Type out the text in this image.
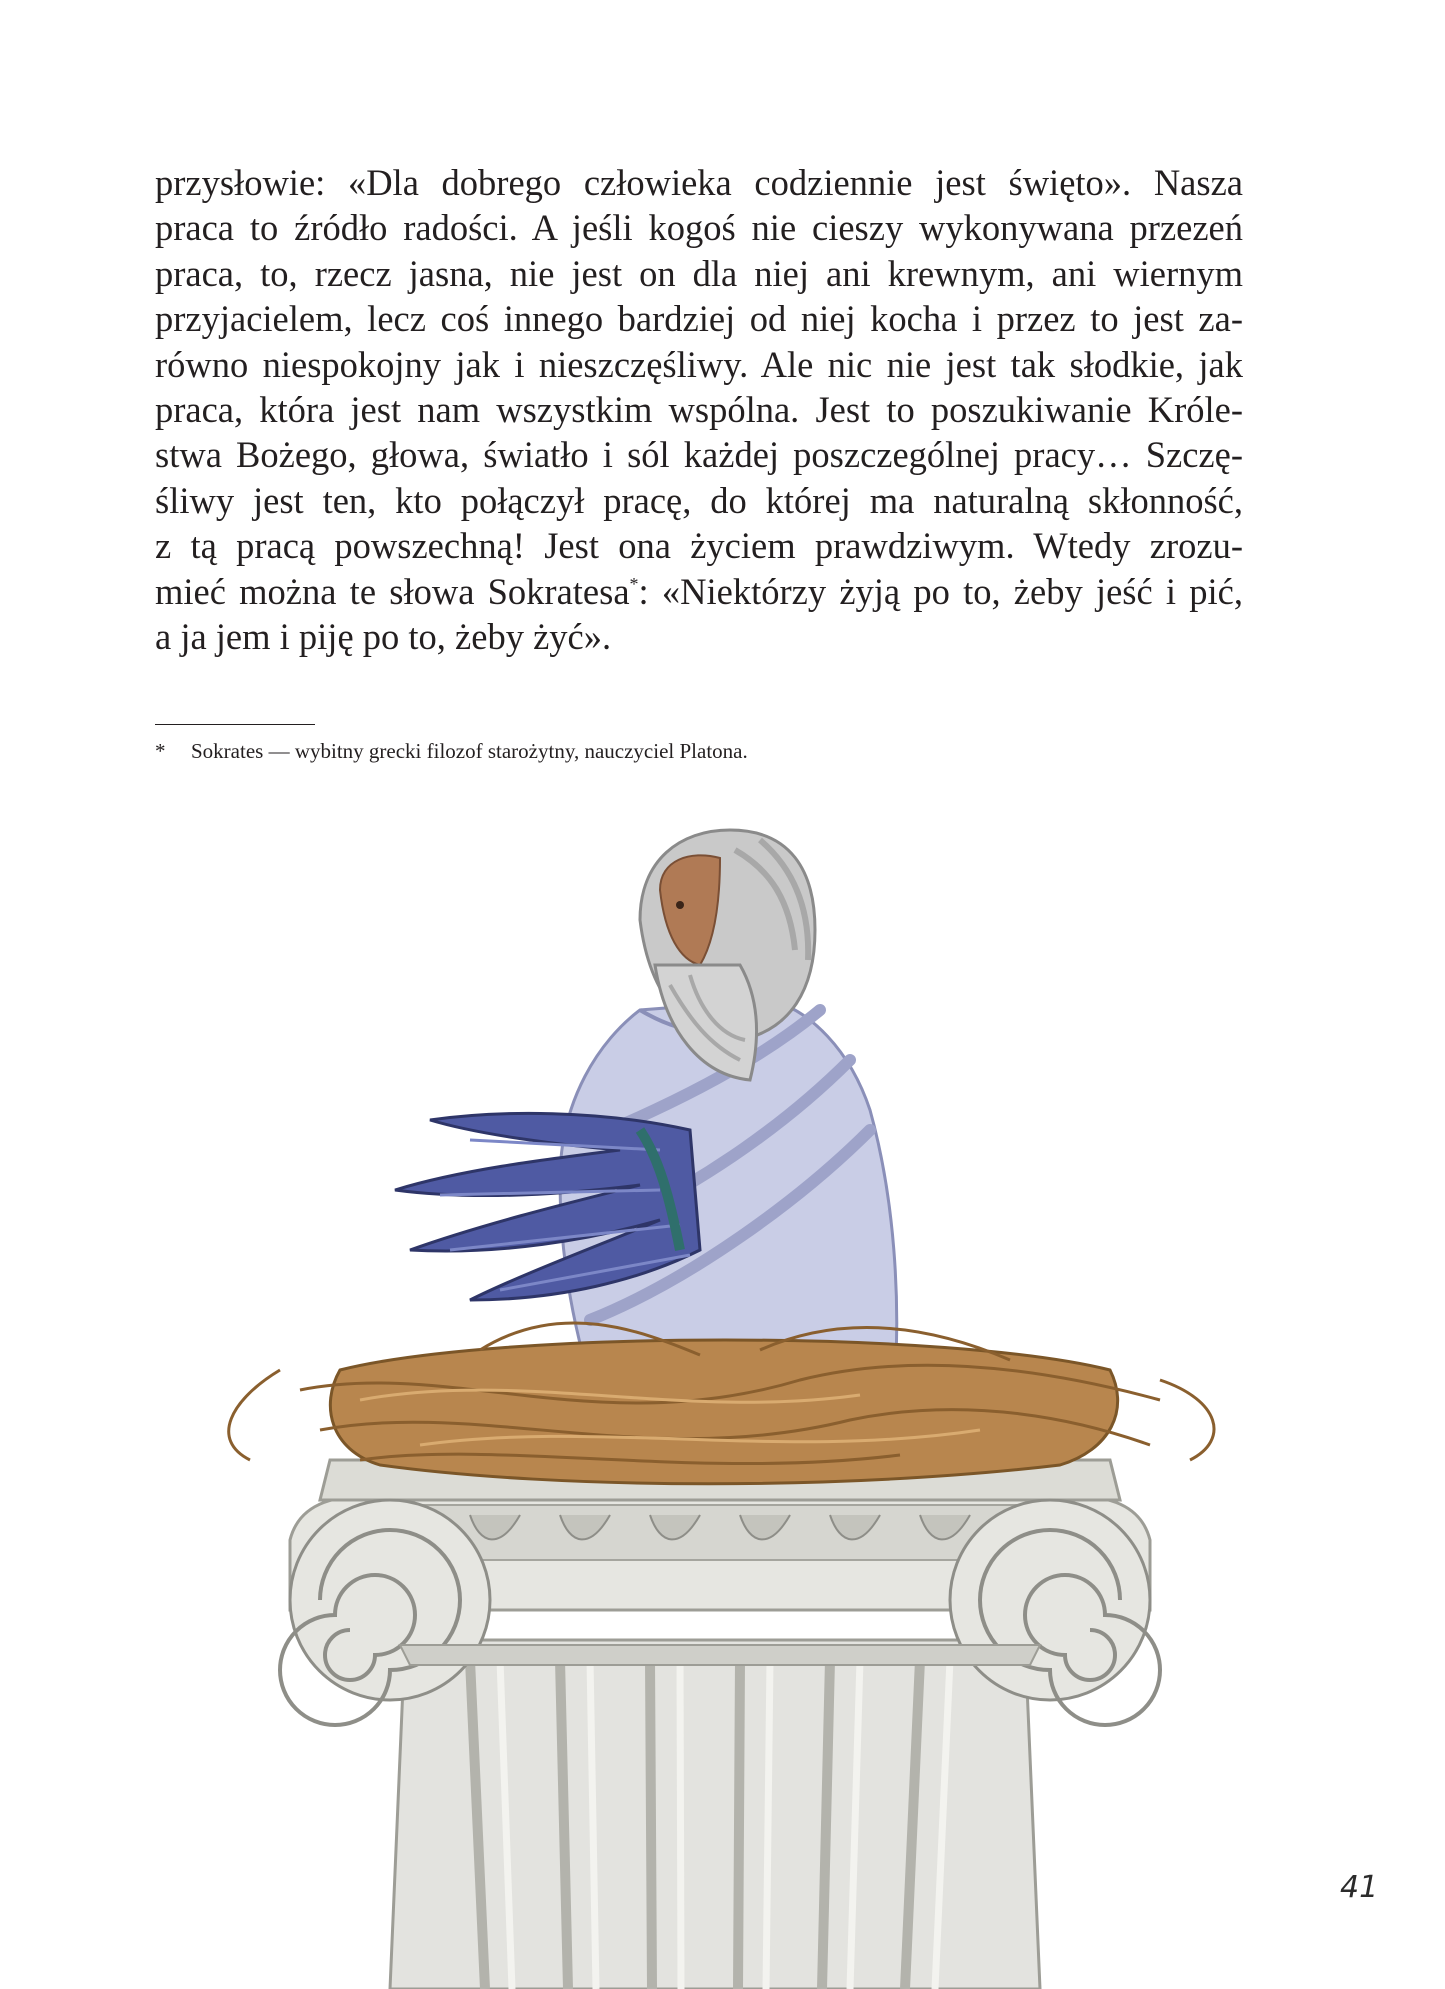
przysłowie: «Dla dobrego człowieka codziennie jest święto». Nasza
praca to źródło radości. A jeśli kogoś nie cieszy wykonywana przezeń
praca, to, rzecz jasna, nie jest on dla niej ani krewnym, ani wiernym
przyjacielem, lecz coś innego bardziej od niej kocha i przez to jest za-
równo niespokojny jak i nieszczęśliwy. Ale nic nie jest tak słodkie, jak
praca, która jest nam wszystkim wspólna. Jest to poszukiwanie Króle-
stwa Bożego, głowa, światło i sól każdej poszczególnej pracy… Szczę-
śliwy jest ten, kto połączył pracę, do której ma naturalną skłonność,
z tą pracą powszechną! Jest ona życiem prawdziwym. Wtedy zrozu-
mieć można te słowa Sokratesa*: «Niektórzy żyją po to, żeby jeść i pić,
a ja jem i piję po to, żeby żyć».

* Sokrates — wybitny grecki filozof starożytny, nauczyciel Platona.
41
